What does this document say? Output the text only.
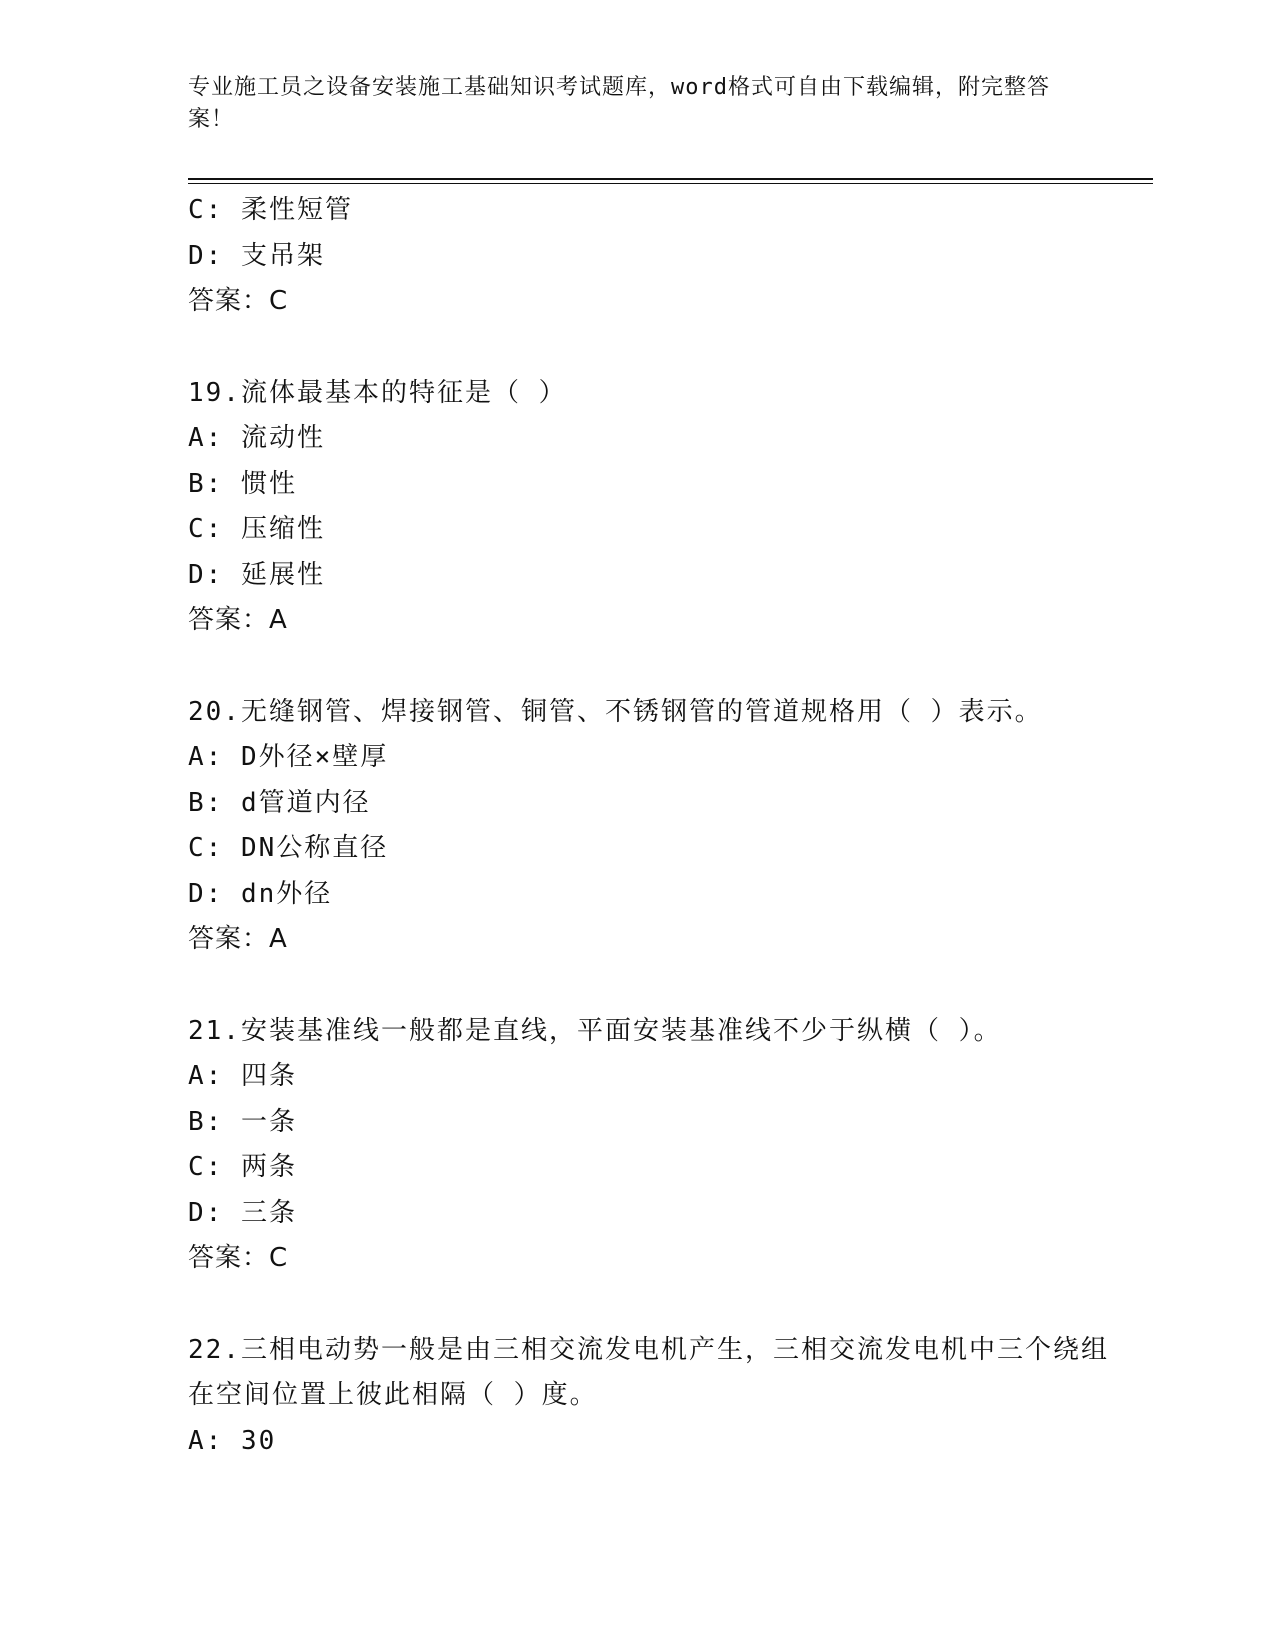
专业施工员之设备安装施工基础知识考试题库，word格式可自由下载编辑，附完整答案！
C: 柔性短管
D: 支吊架
答案：C
19.流体最基本的特征是（ ）
A: 流动性
B: 惯性
C: 压缩性
D: 延展性
答案：A
20.无缝钢管、焊接钢管、铜管、不锈钢管的管道规格用（ ）表示。
A: D外径×壁厚
B: d管道内径
C: DN公称直径
D: dn外径
答案：A
21.安装基准线一般都是直线，平面安装基准线不少于纵横（ ）。
A: 四条
B: 一条
C: 两条
D: 三条
答案：C
22.三相电动势一般是由三相交流发电机产生，三相交流发电机中三个绕组在空间位置上彼此相隔（ ）度。
A: 30
